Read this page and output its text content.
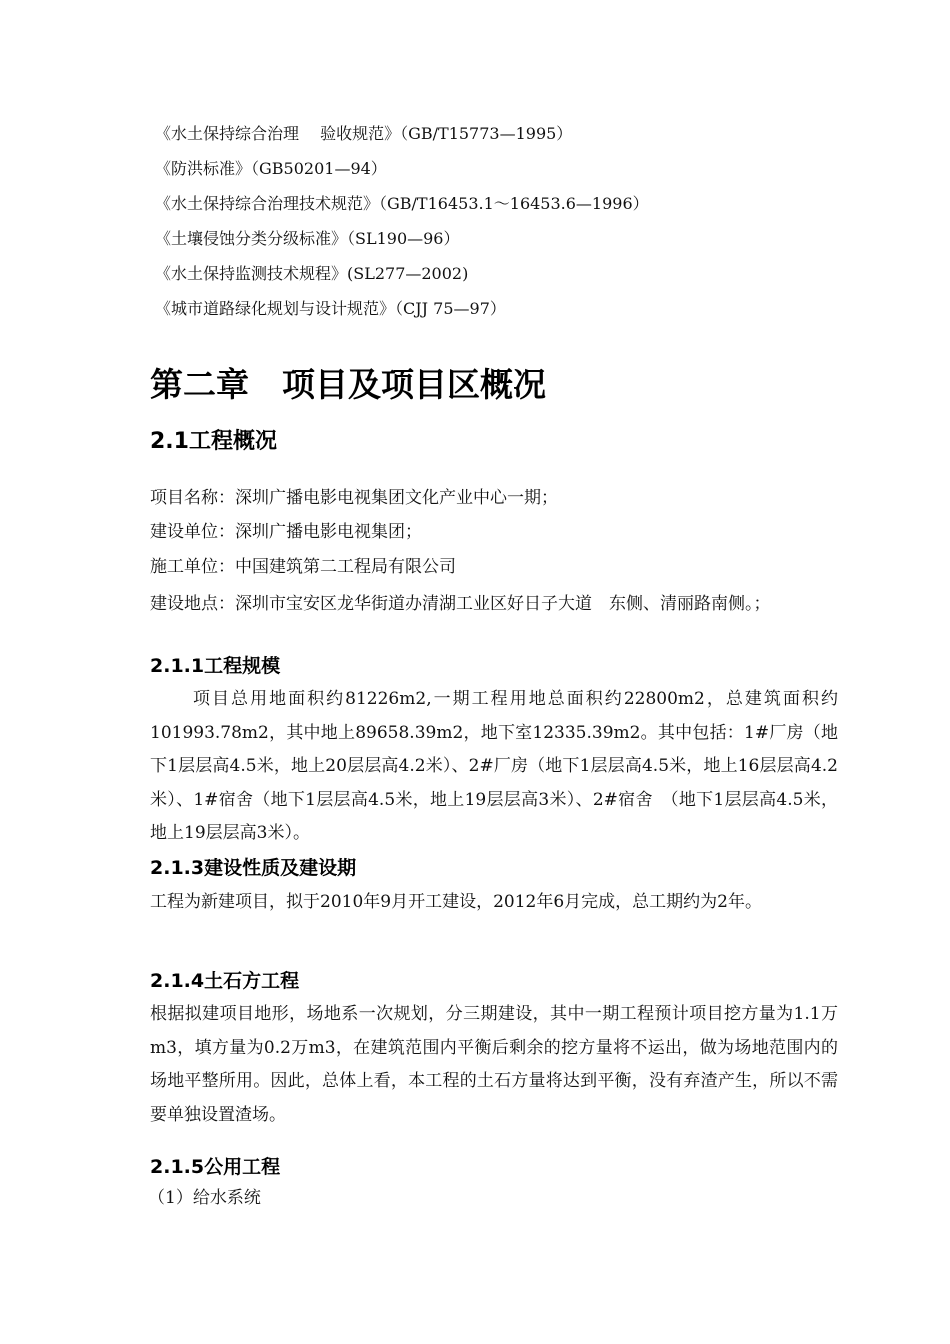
《水土保持综合治理　 验收规范》（GB/T15773—1995）
《防洪标准》（GB50201—94）
《水土保持综合治理技术规范》（GB/T16453.1～16453.6—1996）
《土壤侵蚀分类分级标准》（SL190—96）
《水土保持监测技术规程》(SL277—2002)
《城市道路绿化规划与设计规范》（CJJ 75—97）
第二章　项目及项目区概况
2.1工程概况
项目名称：深圳广播电影电视集团文化产业中心一期；
建设单位：深圳广播电影电视集团；
施工单位：中国建筑第二工程局有限公司
建设地点：深圳市宝安区龙华街道办清湖工业区好日子大道　东侧、清丽路南侧。；
2.1.1工程规模
项目总用地面积约81226m2,一期工程用地总面积约22800m2，总建筑面积约101993.78m2，其中地上89658.39m2，地下室12335.39m2。其中包括：1#厂房（地下1层层高4.5米，地上20层层高4.2米）、2#厂房（地下1层层高4.5米，地上16层层高4.2米）、1#宿舍（地下1层层高4.5米，地上19层层高3米）、2#宿舍　（地下1层层高4.5米，地上19层层高3米）。
2.1.3建设性质及建设期
工程为新建项目，拟于2010年9月开工建设，2012年6月完成，总工期约为2年。
2.1.4土石方工程
根据拟建项目地形，场地系一次规划，分三期建设，其中一期工程预计项目挖方量为1.1万m3，填方量为0.2万m3，在建筑范围内平衡后剩余的挖方量将不运出，做为场地范围内的场地平整所用。因此，总体上看，本工程的土石方量将达到平衡，没有弃渣产生，所以不需要单独设置渣场。
2.1.5公用工程
（1）给水系统
